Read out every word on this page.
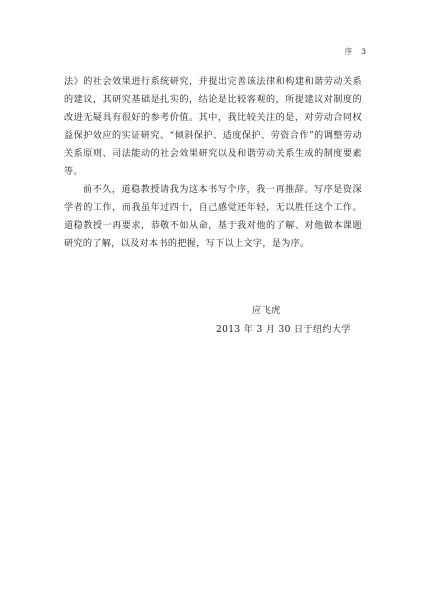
序 3

法》的社会效果进行系统研究，并提出完善该法律和构建和谐劳动关系的建议，其研究基础是扎实的，结论是比较客观的，所提建议对制度的改进无疑具有很好的参考价值。其中，我比较关注的是，对劳动合同权益保护效应的实证研究、“倾斜保护、适度保护、劳资合作”的调整劳动关系原则、司法能动的社会效果研究以及和谐劳动关系生成的制度要素等。

前不久，道稳教授请我为这本书写个序，我一再推辞。写序是资深学者的工作，而我虽年过四十，自己感觉还年轻，无以胜任这个工作。道稳教授一再要求，恭敬不如从命，基于我对他的了解、对他做本课题研究的了解，以及对本书的把握，写下以上文字，是为序。

应飞虎
2013 年 3 月 30 日于纽约大学
